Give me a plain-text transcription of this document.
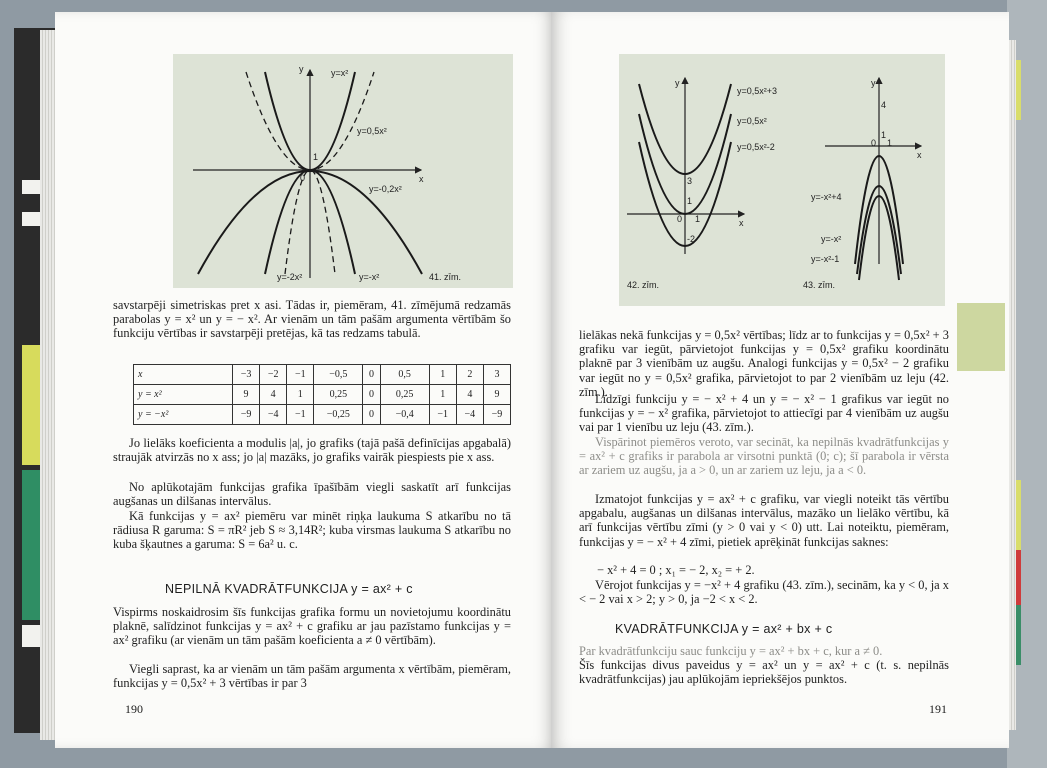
y
x
1
0
y=x²
y=0,5x²
y=-0,2x²
y=-2x²	y=-x²	41. zīm.

savstarpēji simetriskas pret x asi. Tādas ir, piemēram, 41. zīmējumā redzamās parabolas y = x² un y = − x². Ar vienām un tām pašām argumenta vērtībām šo funkciju vērtības ir savstarpēji pretējas, kā tas redzams tabulā.

x	−3	−2	−1	−0,5	0	0,5	1	2	3
y = x²	9	4	1	0,25	0	0,25	1	4	9
y = −x²	−9	−4	−1	−0,25	0	−0,4	−1	−4	−9

Jo lielāks koeficienta a modulis |a|, jo grafiks (tajā pašā definīcijas apgabalā) straujāk atvirzās no x ass; jo |a| mazāks, jo grafiks vairāk piespiests pie x ass.

No aplūkotajām funkcijas grafika īpašībām viegli saskatīt arī funkcijas augšanas un dilšanas intervālus.

Kā funkcijas y = ax² piemēru var minēt riņķa laukuma S atkarību no tā rādiusa R garuma: S = πR² jeb S ≈ 3,14R²; kuba virsmas laukuma S atkarību no kuba šķautnes a garuma: S = 6a² u. c.

NEPILNĀ KVADRĀTFUNKCIJA y = ax² + c

Vispirms noskaidrosim šīs funkcijas grafika formu un novietojumu koordinātu plaknē, salīdzinot funkcijas y = ax² + c grafiku ar jau pazīstamo funkcijas y = ax² grafiku (ar vienām un tām pašām koeficienta a ≠ 0 vērtībām).

Viegli saprast, ka ar vienām un tām pašām argumenta x vērtībām, piemēram, funkcijas y = 0,5x² + 3 vērtības ir par 3

190
y
x
3
1
0 1
-2
y=0,5x²+3
y=0,5x²
y=0,5x²-2
42. zīm.
y
x
4
1
0 1
y=-x²+4
y=-x²
y=-x²-1
43. zīm.

lielākas nekā funkcijas y = 0,5x² vērtības; līdz ar to funkcijas y = 0,5x² + 3 grafiku var iegūt, pārvietojot funkcijas y = 0,5x² grafiku koordinātu plaknē par 3 vienībām uz augšu. Analogi funkcijas y = 0,5x² − 2 grafiku var iegūt no y = 0,5x² grafika, pārvietojot to par 2 vienībām uz leju (42. zīm.).

Līdzīgi funkciju y = − x² + 4 un y = − x² − 1 grafikus var iegūt no funkcijas y = − x² grafika, pārvietojot to attiecīgi par 4 vienībām uz augšu vai par 1 vienību uz leju (43. zīm.).

Vispārinot piemēros veroto, var secināt, ka nepilnās kvadrātfunkcijas y = ax² + c grafiks ir parabola ar virsotni punktā (0; c); šī parabola ir vērsta ar zariem uz augšu, ja a > 0, un ar zariem uz leju, ja a < 0.

Izmatojot funkcijas y = ax² + c grafiku, var viegli noteikt tās vērtību apgabalu, augšanas un dilšanas intervālus, mazāko un lielāko vērtību, kā arī funkcijas vērtību zīmi (y > 0 vai y < 0) utt. Lai noteiktu, piemēram, funkcijas y = − x² + 4 zīmi, pietiek aprēķināt funkcijas saknes:

− x² + 4 = 0 ; x₁ = − 2, x₂ = + 2.

Vērojot funkcijas y = −x² + 4 grafiku (43. zīm.), secinām, ka y < 0, ja x < − 2 vai x > 2; y > 0, ja −2 < x < 2.

KVADRĀTFUNKCIJA y = ax² + bx + c

Par kvadrātfunkciju sauc funkciju y = ax² + bx + c, kur a ≠ 0.

Šīs funkcijas divus paveidus y = ax² un y = ax² + c (t. s. nepilnās kvadrātfunkcijas) jau aplūkojām iepriekšējos punktos.

191
